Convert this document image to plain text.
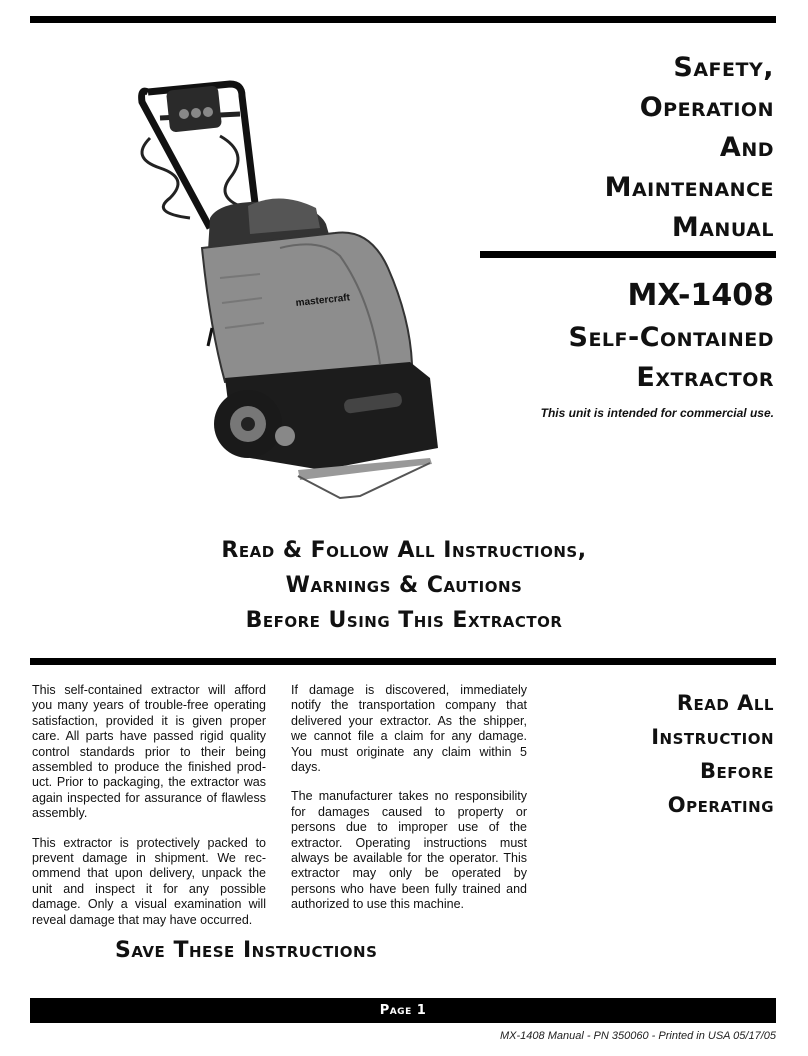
mastercraft
Safety,
Operation
And
Maintenance
Manual
MX-1408
Self-Contained
Extractor
This unit is intended for commercial use.
Read & Follow All Instructions,
Warnings & Cautions
Before Using This Extractor

This self-contained extractor will afford you many years of trouble-free operating satisfaction, provided it is given proper care. All parts have passed rigid quality control standards prior to their being assembled to produce the finished prod-uct. Prior to packaging, the extractor was again inspected for assurance of flawless assembly.

This extractor is protectively packed to prevent damage in shipment. We rec-ommend that upon delivery, unpack the unit and inspect it for any possible damage. Only a visual examination will reveal damage that may have occurred.

If damage is discovered, immediately notify the transportation company that delivered your extractor. As the shipper, we cannot file a claim for any damage. You must originate any claim within 5 days.

The manufacturer takes no responsibility for damages caused to property or persons due to improper use of the extractor. Operating instructions must always be available for the operator. This extractor may only be operated by persons who have been fully trained and authorized to use this machine.

Read All
Instruction
Before
Operating
Save These Instructions
Page 1
MX-1408 Manual - PN 350060 - Printed in USA 05/17/05
